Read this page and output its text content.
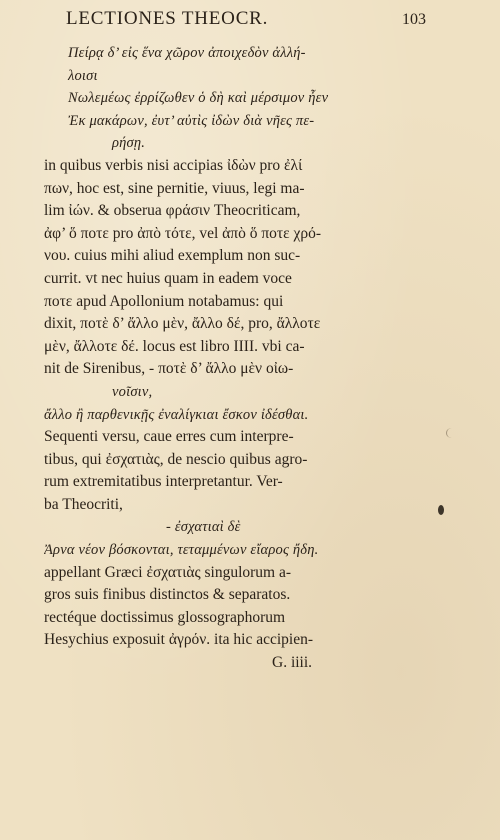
LECTIONES THEOCR.	103
Πείρᾳ δ’ εἰς ἕνα χῶρον ἀποιχεδὸν ἀλλή-
λοισι
Νωλεμέως ἐρρίζωθεν ὁ δὴ καὶ μέρσιμον ἦεν
Ἐκ μακάρων, ἐυτ’ αὐτὶς ἰδὼν διὰ νῆες πε-
ρήσῃ.
in quibus verbis nisi accipias ἰδὼν pro ἐλί
πων, hoc est, sine pernitie, viuus, legi ma-
lim ἰών. & obserua φράσιν Theocriticam,
ἀφ’ ὅ ποτε pro ἀπὸ τότε, vel ἀπὸ ὅ ποτε χρό-
νου. cuius mihi aliud exemplum non suc-
currit. vt nec huius quam in eadem voce
ποτε apud Apollonium notabamus: qui
dixit, ποτὲ δ’ ἄλλο μὲν, ἄλλο δέ, pro, ἄλλοτε
μὲν, ἄλλοτε δέ. locus est libro IIII. vbi ca-
nit de Sirenibus, - ποτὲ δ’ ἄλλο μὲν οἰω-
νοῖσιν,
ἄλλο ἢ παρθενικῇς ἐναλίγκιαι ἔσκον ἰδέσθαι.
Sequenti versu, caue erres cum interpre-
tibus, qui ἐσχατιὰς, de nescio quibus agro-
rum extremitatibus interpretantur. Ver-
ba Theocriti,
- ἐσχατιαὶ δὲ
Ἀρνα νέον βόσκονται, τεταμμένων εἴαρος ἤδη.
appellant Græci ἐσχατιὰς singulorum a-
gros suis finibus distinctos & separatos.
rectéque doctissimus glossographorum
Hesychius exposuit ἀγρόν. ita hic accipien-
G. iiii.
